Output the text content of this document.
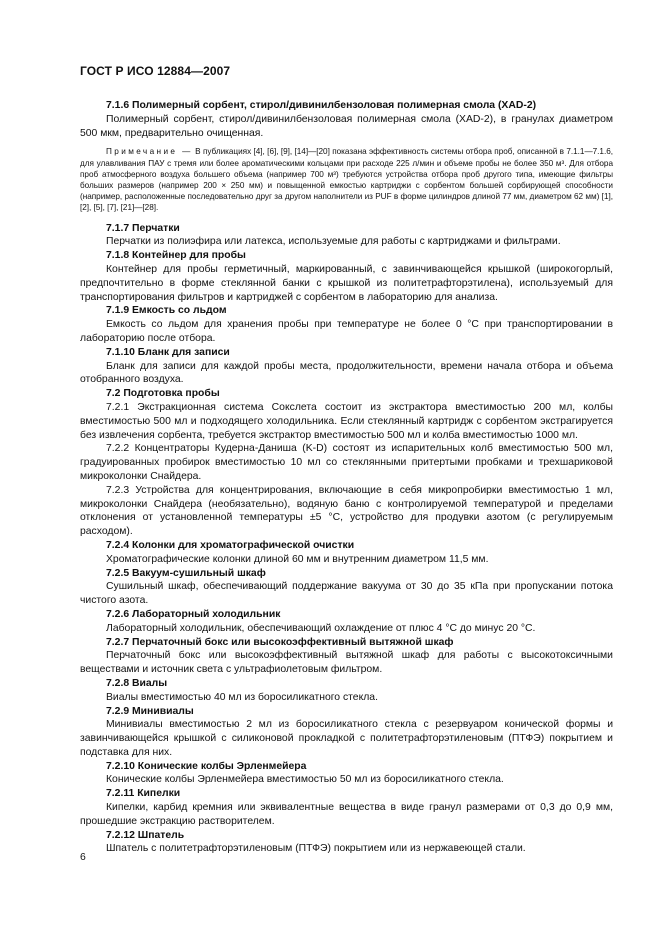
ГОСТ Р ИСО 12884—2007

7.1.6 Полимерный сорбент, стирол/дивинилбензоловая полимерная смола (XAD-2)

Полимерный сорбент, стирол/дивинилбензоловая полимерная смола (XAD-2), в гранулах диаметром 500 мкм, предварительно очищенная.

Примечание — В публикациях [4], [6], [9], [14]—[20] показана эффективность системы отбора проб, описанной в 7.1.1—7.1.6, для улавливания ПАУ с тремя или более ароматическими кольцами при расходе 225 л/мин и объеме пробы не более 350 м³. Для отбора проб атмосферного воздуха большего объема (например 700 м³) требуются устройства отбора проб другого типа, имеющие фильтры больших размеров (например 200 × 250 мм) и повыщенной емкостью картриджи с сорбентом большей сорбирующей способности (например, расположенные последовательно друг за другом наполнители из PUF в форме цилиндров длиной 77 мм, диаметром 62 мм) [1], [2], [5], [7], [21]—[28].

7.1.7 Перчатки

Перчатки из полиэфира или латекса, используемые для работы с картриджами и фильтрами.

7.1.8 Контейнер для пробы

Контейнер для пробы герметичный, маркированный, с завинчивающейся крышкой (широкогорлый, предпочтительно в форме стеклянной банки с крышкой из политетрафторэтилена), используемый для транспортирования фильтров и картриджей с сорбентом в лабораторию для анализа.

7.1.9 Емкость со льдом

Емкость со льдом для хранения пробы при температуре не более 0 °С при транспортировании в лабораторию после отбора.

7.1.10 Бланк для записи

Бланк для записи для каждой пробы места, продолжительности, времени начала отбора и объема отобранного воздуха.

7.2 Подготовка пробы

7.2.1 Экстракционная система Сокслета состоит из экстрактора вместимостью 200 мл, колбы вместимостью 500 мл и подходящего холодильника. Если стеклянный картридж с сорбентом экстрагируется без извлечения сорбента, требуется экстрактор вместимостью 500 мл и колба вместимостью 1000 мл.

7.2.2 Концентраторы Кудерна-Даниша (K-D) состоят из испарительных колб вместимостью 500 мл, градуированных пробирок вместимостью 10 мл со стеклянными притертыми пробками и трехшариковой микроколонки Снайдера.

7.2.3 Устройства для концентрирования, включающие в себя микропробирки вместимостью 1 мл, микроколонки Снайдера (необязательно), водяную баню с контролируемой температурой и пределами отклонения от установленной температуры ±5 °С, устройство для продувки азотом (с регулируемым расходом).

7.2.4 Колонки для хроматографической очистки

Хроматографические колонки длиной 60 мм и внутренним диаметром 11,5 мм.

7.2.5 Вакуум-сушильный шкаф

Сушильный шкаф, обеспечивающий поддержание вакуума от 30 до 35 кПа при пропускании потока чистого азота.

7.2.6 Лабораторный холодильник

Лабораторный холодильник, обеспечивающий охлаждение от плюс 4 °С до минус 20 °С.

7.2.7 Перчаточный бокс или высокоэффективный вытяжной шкаф

Перчаточный бокс или высокоэффективный вытяжной шкаф для работы с высокотоксичными веществами и источник света с ультрафиолетовым фильтром.

7.2.8 Виалы

Виалы вместимостью 40 мл из боросиликатного стекла.

7.2.9 Минивиалы

Минивиалы вместимостью 2 мл из боросиликатного стекла с резервуаром конической формы и завинчивающейся крышкой с силиконовой прокладкой с политетрафторэтиленовым (ПТФЭ) покрытием и подставка для них.

7.2.10 Конические колбы Эрленмейера

Конические колбы Эрленмейера вместимостью 50 мл из боросиликатного стекла.

7.2.11 Кипелки

Кипелки, карбид кремния или эквивалентные вещества в виде гранул размерами от 0,3 до 0,9 мм, прошедшие экстракцию растворителем.

7.2.12 Шпатель

Шпатель с политетрафторэтиленовым (ПТФЭ) покрытием или из нержавеющей стали.

6
